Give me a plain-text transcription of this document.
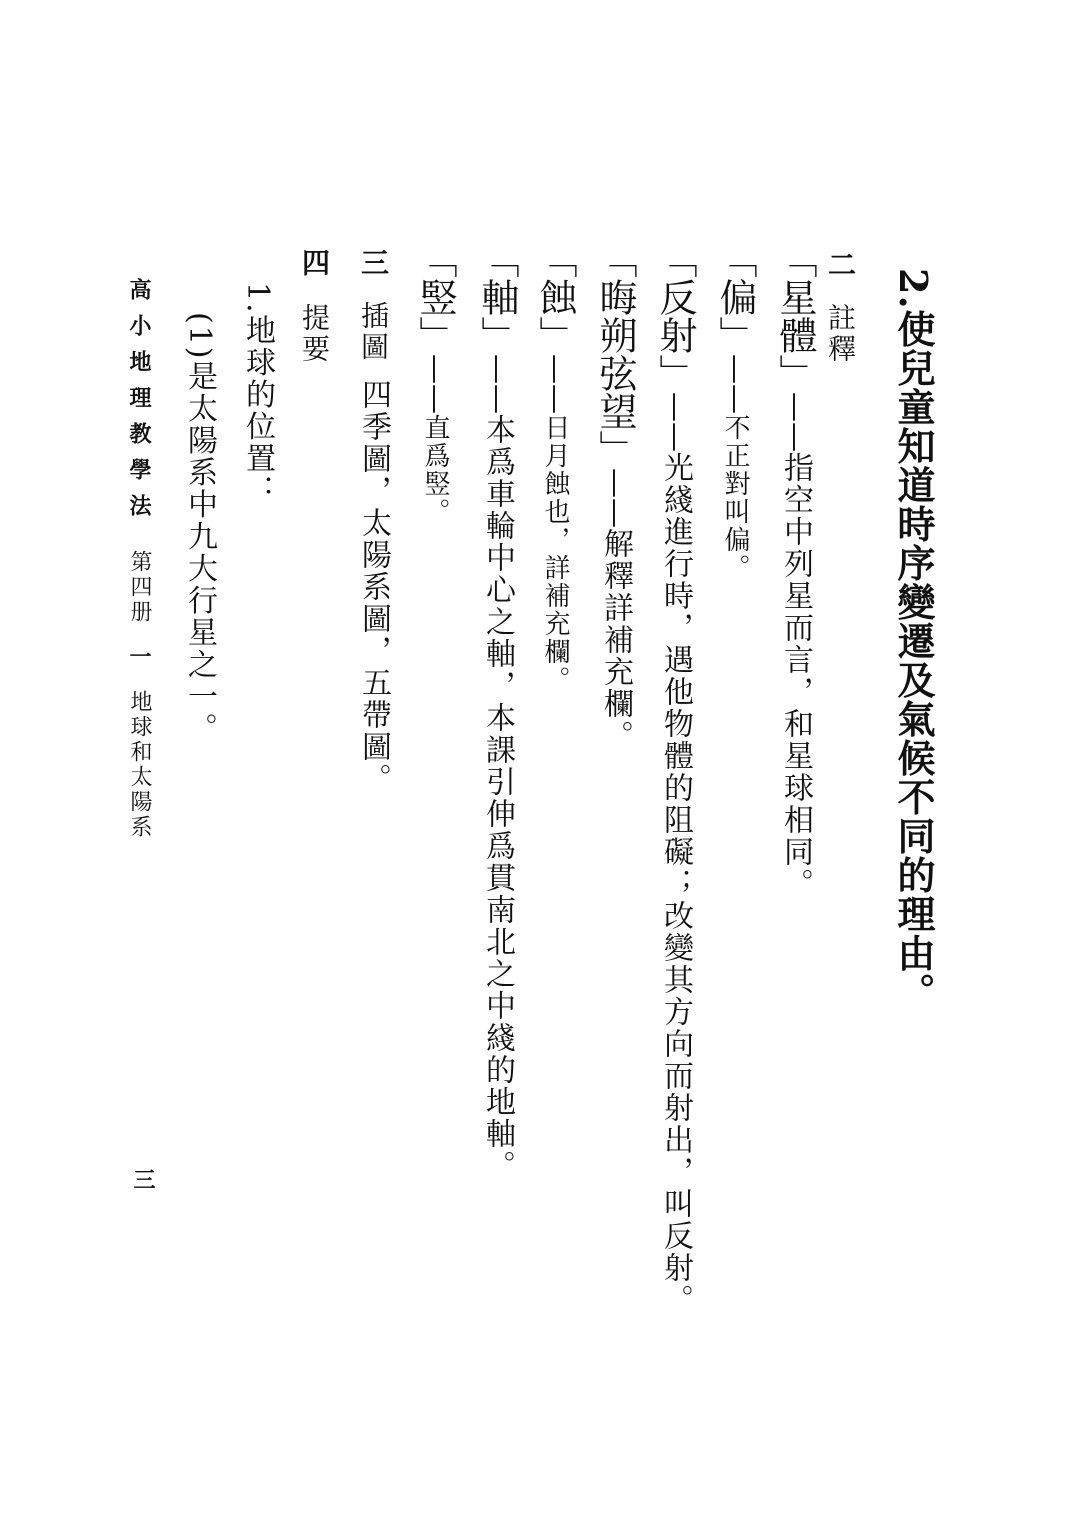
2.使兒童知道時序變遷及氣候不同的理由。

二註釋
「星體」——指空中列星而言，和星球相同。
「偏」——不正對叫偏。
「反射」——光綫進行時，遇他物體的阻礙；改變其方向而射出，叫反射。
「晦朔弦望」——解釋詳補充欄。
「蝕」——日月蝕也，詳補充欄。
「軸」——本爲車輪中心之軸，本課引伸爲貫南北之中綫的地軸。
「竪」——直爲竪。
三插圖四季圖，太陽系圖，五帶圖。
四提要

1.地球的位置：

(1)是太陽系中九大行星之一。

高小地理教學法第四册一地球和太陽系
三
